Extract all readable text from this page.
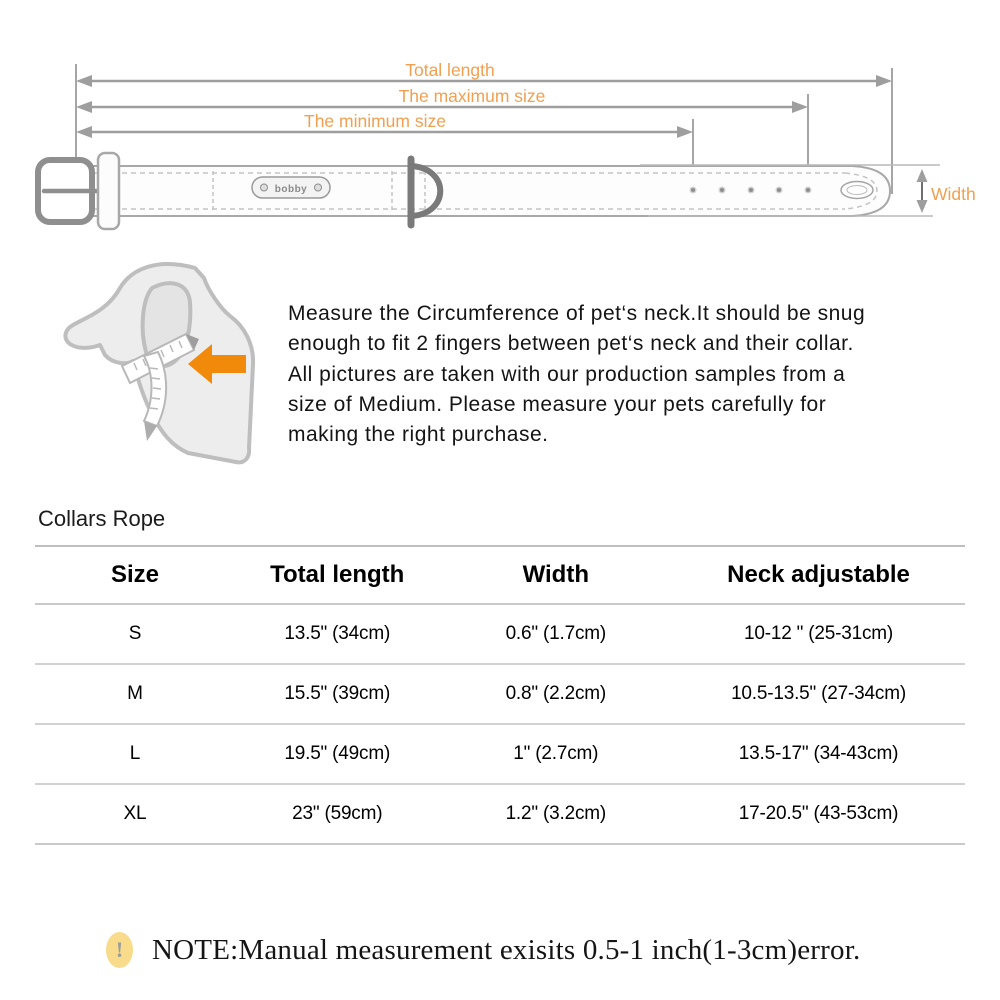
Total length
The maximum size
The minimum size
bobby	Width
Measure the Circumference of pet‘s neck.It should be snug
enough to fit 2 fingers between pet‘s neck and their collar.
All pictures are taken with our production samples from a
size of Medium. Please measure your pets carefully for
making the right purchase.
Collars Rope
Size	Total length	Width	Neck adjustable
S	13.5" (34cm)	0.6" (1.7cm)	10-12 " (25-31cm)
M	15.5" (39cm)	0.8" (2.2cm)	10.5-13.5" (27-34cm)
L	19.5" (49cm)	1" (2.7cm)	13.5-17" (34-43cm)
XL	23" (59cm)	1.2" (3.2cm)	17-20.5" (43-53cm)
! NOTE:Manual measurement exisits 0.5-1 inch(1-3cm)error.
